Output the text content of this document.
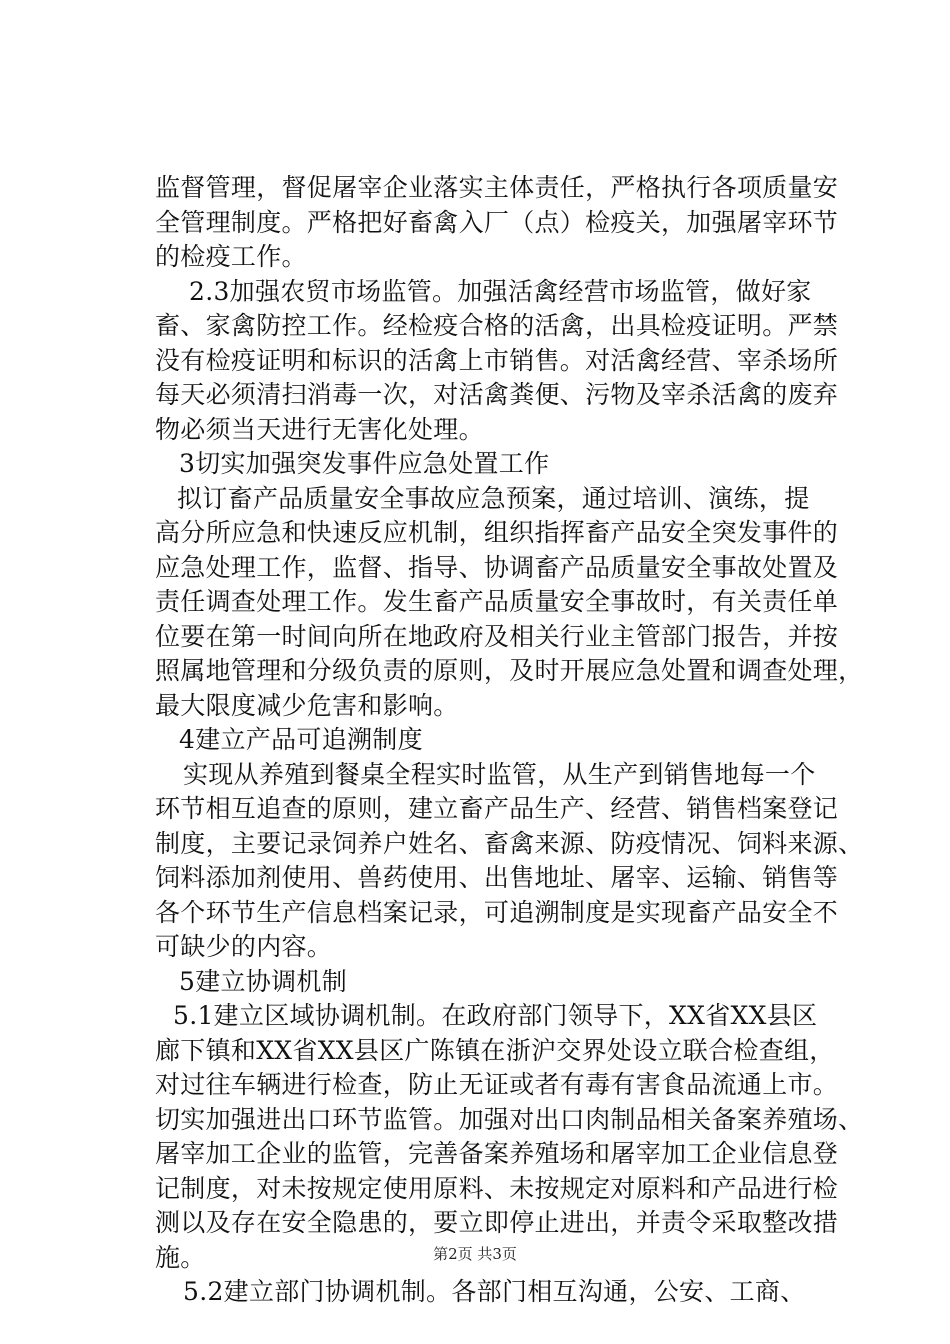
监督管理，督促屠宰企业落实主体责任，严格执行各项质量安
全管理制度。严格把好畜禽入厂（点）检疫关，加强屠宰环节
的检疫工作。
2.3加强农贸市场监管。加强活禽经营市场监管，做好家
畜、家禽防控工作。经检疫合格的活禽，出具检疫证明。严禁
没有检疫证明和标识的活禽上市销售。对活禽经营、宰杀场所
每天必须清扫消毒一次，对活禽粪便、污物及宰杀活禽的废弃
物必须当天进行无害化处理。
3切实加强突发事件应急处置工作
拟订畜产品质量安全事故应急预案，通过培训、演练，提
高分所应急和快速反应机制，组织指挥畜产品安全突发事件的
应急处理工作，监督、指导、协调畜产品质量安全事故处置及
责任调查处理工作。发生畜产品质量安全事故时，有关责任单
位要在第一时间向所在地政府及相关行业主管部门报告，并按
照属地管理和分级负责的原则，及时开展应急处置和调查处理，
最大限度减少危害和影响。
4建立产品可追溯制度
实现从养殖到餐桌全程实时监管，从生产到销售地每一个
环节相互追查的原则，建立畜产品生产、经营、销售档案登记
制度，主要记录饲养户姓名、畜禽来源、防疫情况、饲料来源、
饲料添加剂使用、兽药使用、出售地址、屠宰、运输、销售等
各个环节生产信息档案记录，可追溯制度是实现畜产品安全不
可缺少的内容。
5建立协调机制
5.1建立区域协调机制。在政府部门领导下，XX省XX县区
廊下镇和XX省XX县区广陈镇在浙沪交界处设立联合检查组，
对过往车辆进行检查，防止无证或者有毒有害食品流通上市。
切实加强进出口环节监管。加强对出口肉制品相关备案养殖场、
屠宰加工企业的监管，完善备案养殖场和屠宰加工企业信息登
记制度，对未按规定使用原料、未按规定对原料和产品进行检
测以及存在安全隐患的，要立即停止进出，并责令采取整改措
施。
5.2建立部门协调机制。各部门相互沟通，公安、工商、
第2页 共3页
